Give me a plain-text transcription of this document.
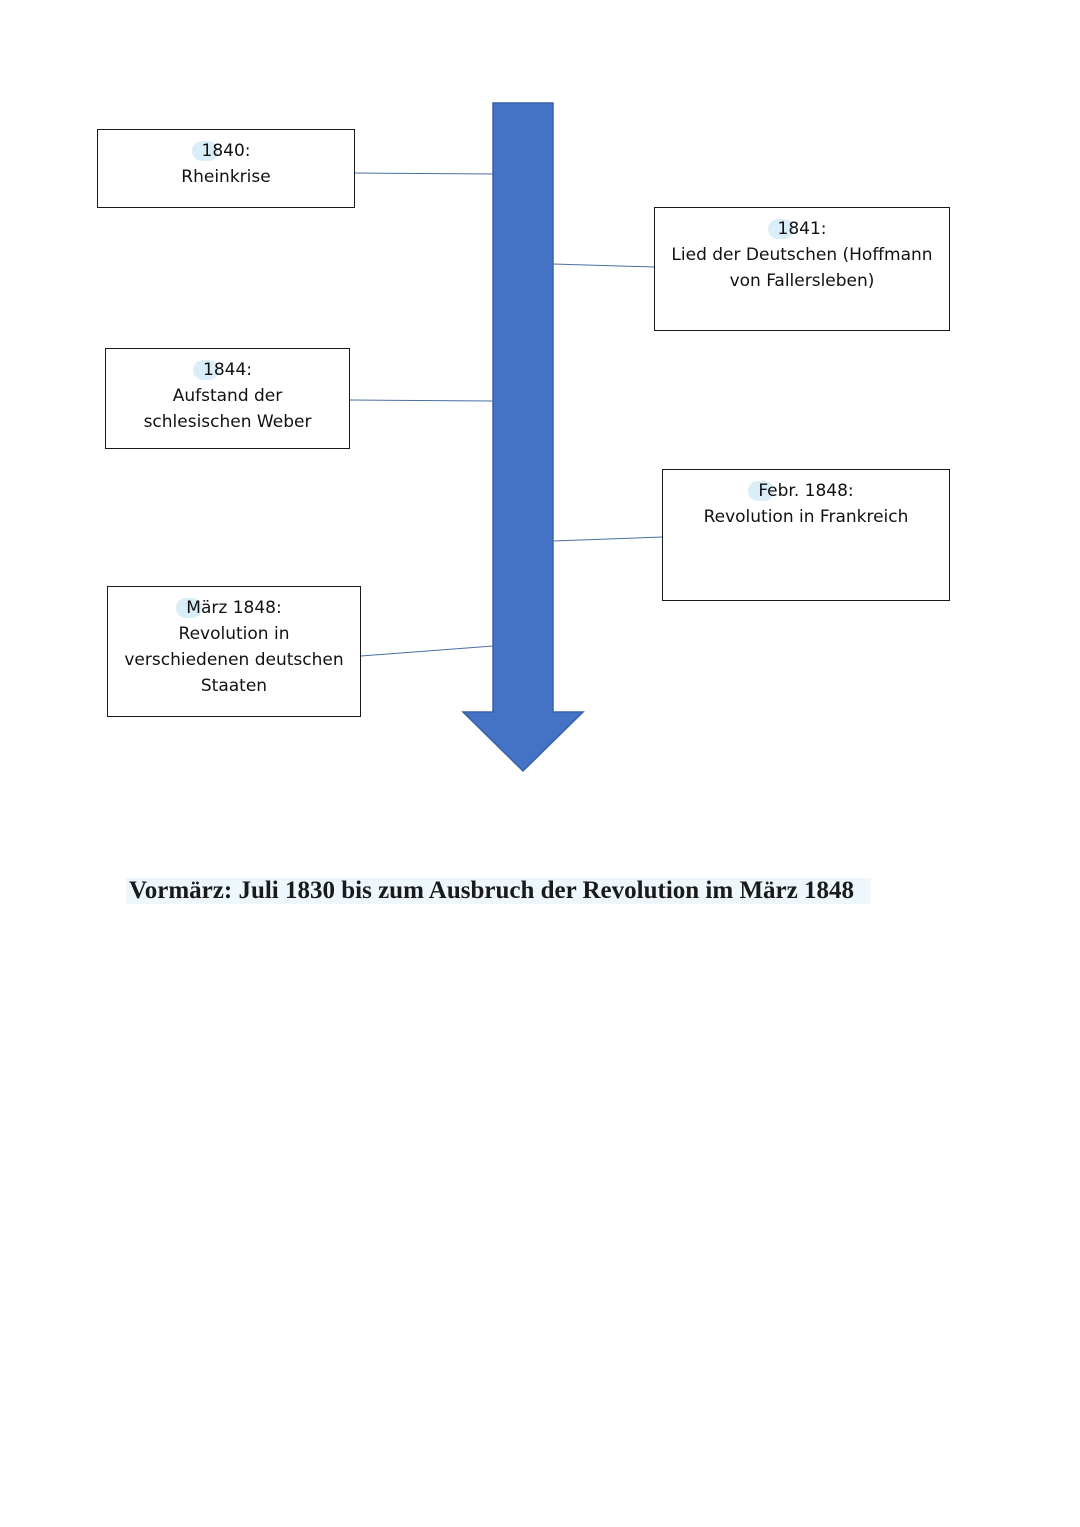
1840:
Rheinkrise
1841:
Lied der Deutschen (Hoffmann von Fallersleben)
1844:
Aufstand der schlesischen Weber
Febr. 1848:
Revolution in Frankreich
März 1848:
Revolution in verschiedenen deutschen Staaten
Vormärz: Juli 1830 bis zum Ausbruch der Revolution im März 1848
